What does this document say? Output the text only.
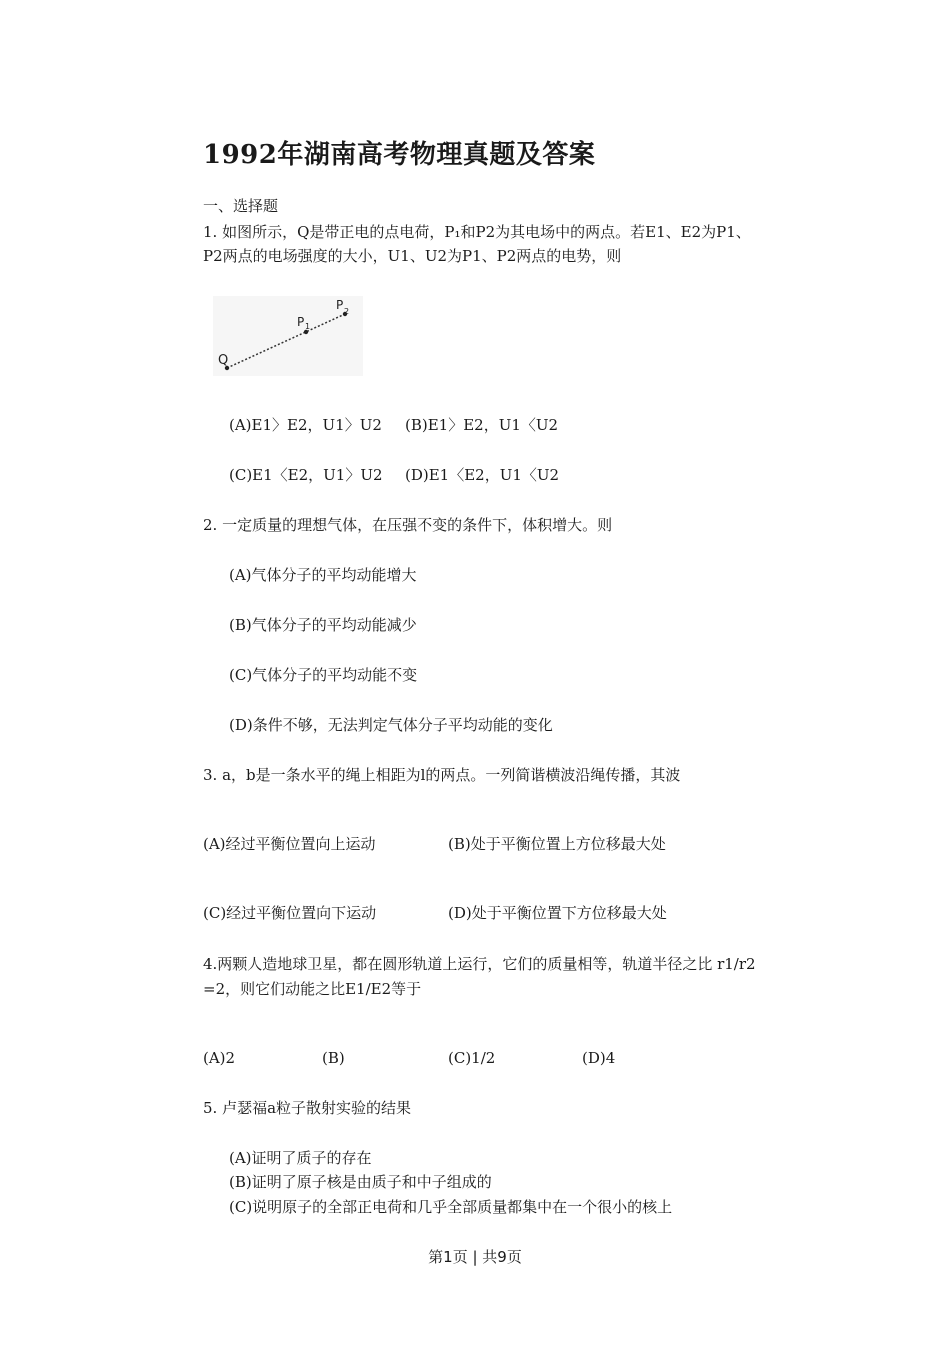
1992年湖南高考物理真题及答案
一、选择题
1. 如图所示，Q是带正电的点电荷，P₁和P2为其电场中的两点。若E1、E2为P1、
P2两点的电场强度的大小，U1、U2为P1、P2两点的电势，则
Q
P 1
P 2
(A)E1〉E2，U1〉U2 (B)E1〉E2，U1〈U2
(C)E1〈E2，U1〉U2 (D)E1〈E2，U1〈U2
2. 一定质量的理想气体，在压强不变的条件下，体积增大。则
(A)气体分子的平均动能增大
(B)气体分子的平均动能减少
(C)气体分子的平均动能不变
(D)条件不够，无法判定气体分子平均动能的变化
3. a，b是一条水平的绳上相距为l的两点。一列简谐横波沿绳传播，其波
(A)经过平衡位置向上运动	(B)处于平衡位置上方位移最大处
(C)经过平衡位置向下运动	(D)处于平衡位置下方位移最大处
4.两颗人造地球卫星，都在圆形轨道上运行，它们的质量相等，轨道半径之比 r1/r2
=2，则它们动能之比E1/E2等于
(A)2	(B)	(C)1/2	(D)4
5. 卢瑟福a粒子散射实验的结果
(A)证明了质子的存在
(B)证明了原子核是由质子和中子组成的
(C)说明原子的全部正电荷和几乎全部质量都集中在一个很小的核上
第1页 | 共9页
